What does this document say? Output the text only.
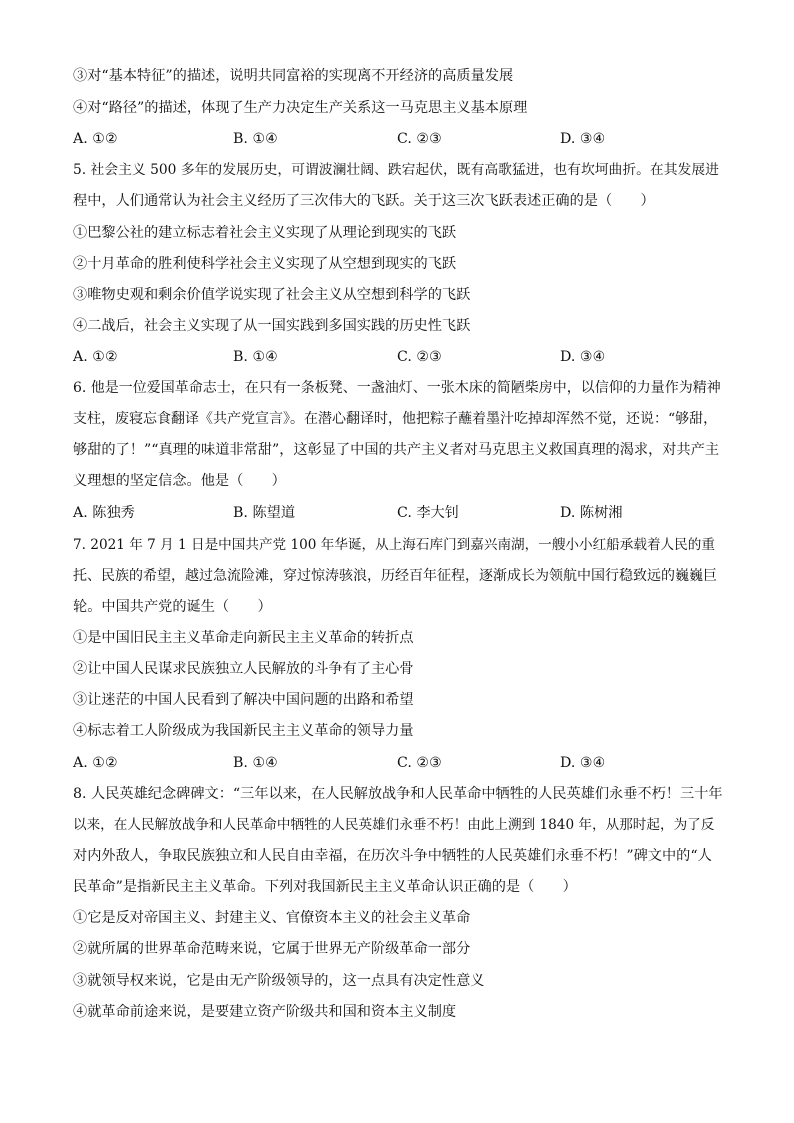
③对“基本特征”的描述，说明共同富裕的实现离不开经济的高质量发展
④对“路径”的描述，体现了生产力决定生产关系这一马克思主义基本原理
A. ①②	B. ①④	C. ②③	D. ③④
5. 社会主义 500 多年的发展历史，可谓波澜壮阔、跌宕起伏，既有高歌猛进，也有坎坷曲折。在其发展进
程中，人们通常认为社会主义经历了三次伟大的飞跃。关于这三次飞跃表述正确的是（　　）
①巴黎公社的建立标志着社会主义实现了从理论到现实的飞跃
②十月革命的胜利使科学社会主义实现了从空想到现实的飞跃
③唯物史观和剩余价值学说实现了社会主义从空想到科学的飞跃
④二战后，社会主义实现了从一国实践到多国实践的历史性飞跃
A. ①②	B. ①④	C. ②③	D. ③④
6. 他是一位爱国革命志士，在只有一条板凳、一盏油灯、一张木床的简陋柴房中，以信仰的力量作为精神
支柱，废寝忘食翻译《共产党宣言》。在潜心翻译时，他把粽子蘸着墨汁吃掉却浑然不觉，还说：“够甜，
够甜的了！”“真理的味道非常甜”，这彰显了中国的共产主义者对马克思主义救国真理的渴求，对共产主
义理想的坚定信念。他是（　　）
A. 陈独秀	B. 陈望道	C. 李大钊	D. 陈树湘
7. 2021 年 7 月 1 日是中国共产党 100 年华诞，从上海石库门到嘉兴南湖，一艘小小红船承载着人民的重
托、民族的希望，越过急流险滩，穿过惊涛骇浪，历经百年征程，逐渐成长为领航中国行稳致远的巍巍巨
轮。中国共产党的诞生（　　）
①是中国旧民主主义革命走向新民主主义革命的转折点
②让中国人民谋求民族独立人民解放的斗争有了主心骨
③让迷茫的中国人民看到了解决中国问题的出路和希望
④标志着工人阶级成为我国新民主主义革命的领导力量
A. ①②	B. ①④	C. ②③	D. ③④
8. 人民英雄纪念碑碑文：“三年以来，在人民解放战争和人民革命中牺牲的人民英雄们永垂不朽！三十年
以来，在人民解放战争和人民革命中牺牲的人民英雄们永垂不朽！由此上溯到 1840 年，从那时起，为了反
对内外敌人，争取民族独立和人民自由幸福，在历次斗争中牺牲的人民英雄们永垂不朽！”碑文中的“人
民革命”是指新民主主义革命。下列对我国新民主主义革命认识正确的是（　　）
①它是反对帝国主义、封建主义、官僚资本主义的社会主义革命
②就所属的世界革命范畴来说，它属于世界无产阶级革命一部分
③就领导权来说，它是由无产阶级领导的，这一点具有决定性意义
④就革命前途来说，是要建立资产阶级共和国和资本主义制度
